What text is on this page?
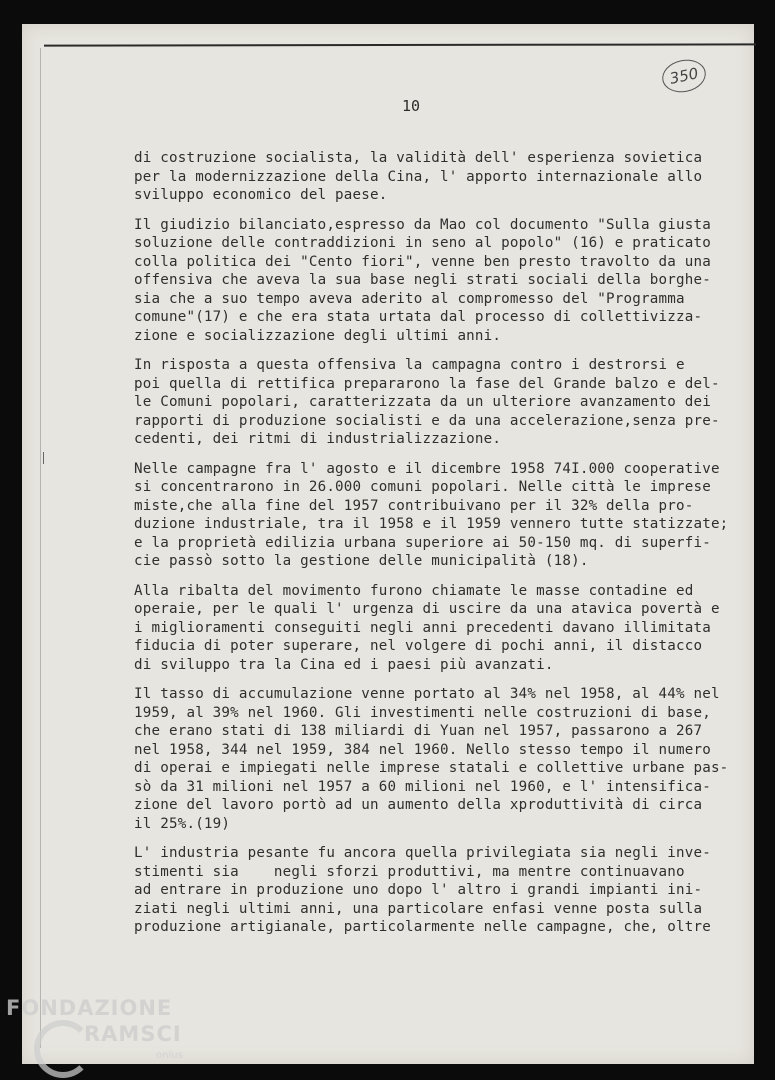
350
10
di costruzione socialista, la validità dell' esperienza sovietica
per la modernizzazione della Cina, l' apporto internazionale allo
sviluppo economico del paese.
Il giudizio bilanciato,espresso da Mao col documento "Sulla giusta
soluzione delle contraddizioni in seno al popolo" (16) e praticato
colla politica dei "Cento fiori", venne ben presto travolto da una
offensiva che aveva la sua base negli strati sociali della borghe-
sia che a suo tempo aveva aderito al compromesso del "Programma
comune"(17) e che era stata urtata dal processo di collettivizza-
zione e socializzazione degli ultimi anni.
In risposta a questa offensiva la campagna contro i destrorsi e
poi quella di rettifica prepararono la fase del Grande balzo e del-
le Comuni popolari, caratterizzata da un ulteriore avanzamento dei
rapporti di produzione socialisti e da una accelerazione,senza pre-
cedenti, dei ritmi di industrializzazione.
Nelle campagne fra l' agosto e il dicembre 1958 74I.000 cooperative
si concentrarono in 26.000 comuni popolari. Nelle città le imprese
miste,che alla fine del 1957 contribuivano per il 32% della pro-
duzione industriale, tra il 1958 e il 1959 vennero tutte statizzate;
e la proprietà edilizia urbana superiore ai 50-150 mq. di superfi-
cie passò sotto la gestione delle municipalità (18).
Alla ribalta del movimento furono chiamate le masse contadine ed
operaie, per le quali l' urgenza di uscire da una atavica povertà e
i miglioramenti conseguiti negli anni precedenti davano illimitata
fiducia di poter superare, nel volgere di pochi anni, il distacco
di sviluppo tra la Cina ed i paesi più avanzati.
Il tasso di accumulazione venne portato al 34% nel 1958, al 44% nel
1959, al 39% nel 1960. Gli investimenti nelle costruzioni di base,
che erano stati di 138 miliardi di Yuan nel 1957, passarono a 267
nel 1958, 344 nel 1959, 384 nel 1960. Nello stesso tempo il numero
di operai e impiegati nelle imprese statali e collettive urbane pas-
sò da 31 milioni nel 1957 a 60 milioni nel 1960, e l' intensifica-
zione del lavoro portò ad un aumento della xproduttività di circa
il 25%.(19)
L' industria pesante fu ancora quella privilegiata sia negli inve-
stimenti sia    negli sforzi produttivi, ma mentre continuavano
ad entrare in produzione uno dopo l' altro i grandi impianti ini-
ziati negli ultimi anni, una particolare enfasi venne posta sulla
produzione artigianale, particolarmente nelle campagne, che, oltre
FONDAZIONE
RAMSCI
onlus
